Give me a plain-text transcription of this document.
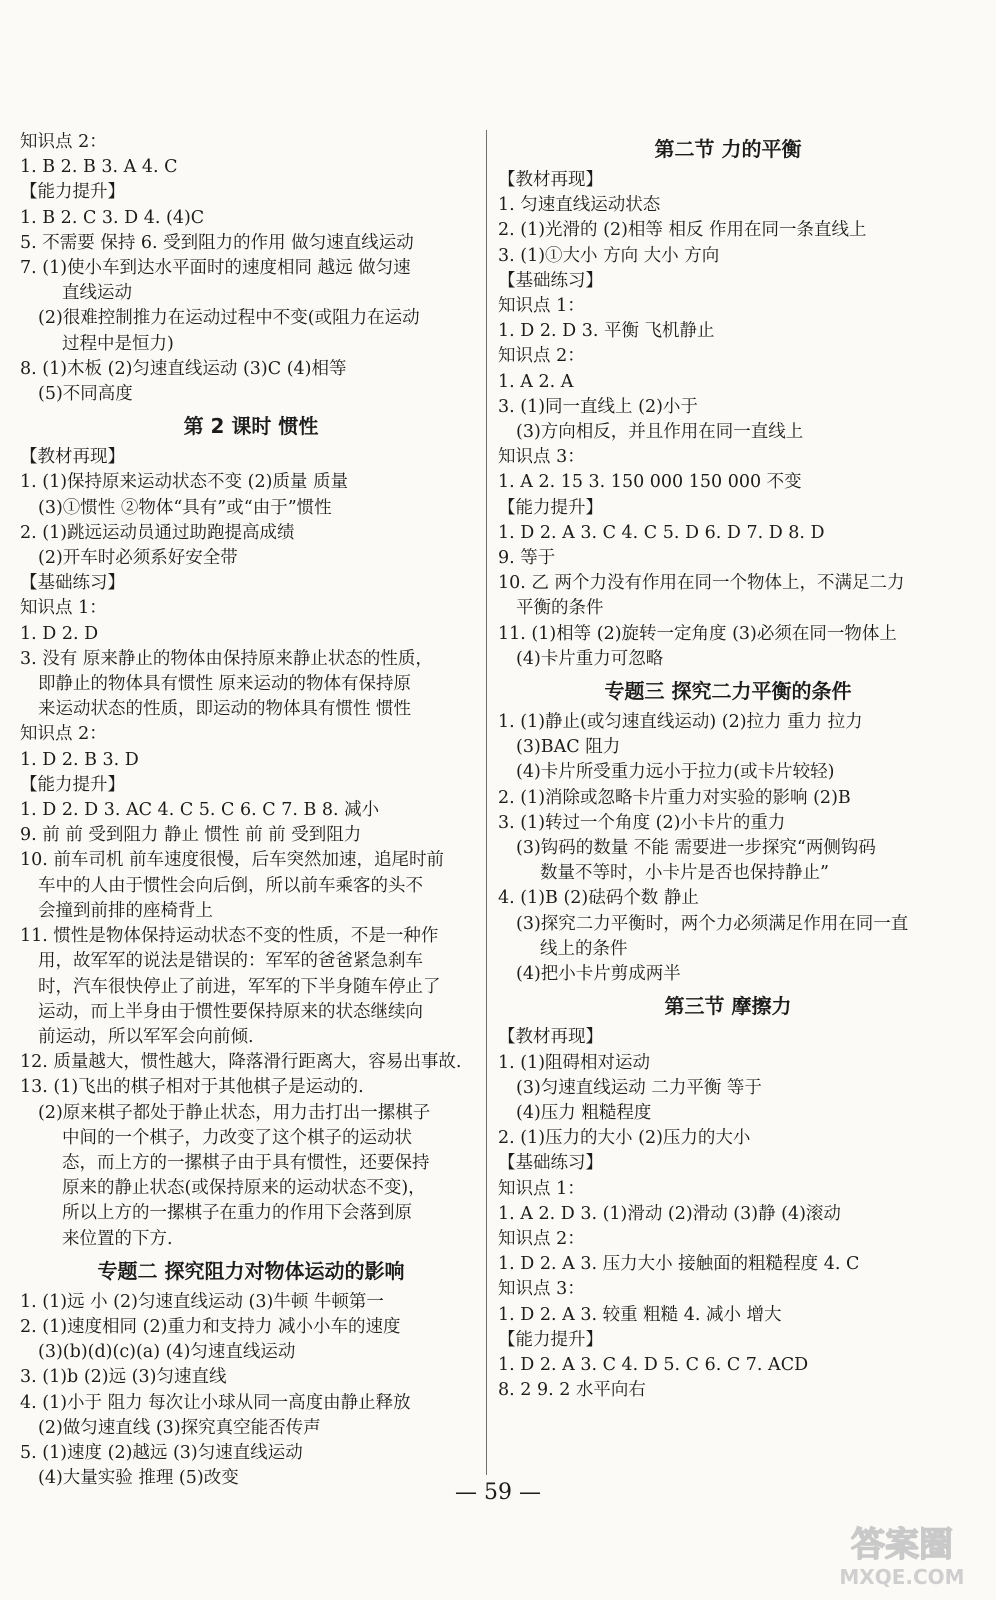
知识点 2：
1. B 2. B 3. A 4. C
【能力提升】
1. B 2. C 3. D 4. (4)C
5. 不需要 保持 6. 受到阻力的作用 做匀速直线运动
7. (1)使小车到达水平面时的速度相同 越远 做匀速
直线运动
(2)很难控制推力在运动过程中不变(或阻力在运动
过程中是恒力)
8. (1)木板 (2)匀速直线运动 (3)C (4)相等
(5)不同高度
第 2 课时 惯性
【教材再现】
1. (1)保持原来运动状态不变 (2)质量 质量
(3)①惯性 ②物体“具有”或“由于”惯性
2. (1)跳远运动员通过助跑提高成绩
(2)开车时必须系好安全带
【基础练习】
知识点 1：
1. D 2. D
3. 没有 原来静止的物体由保持原来静止状态的性质，
即静止的物体具有惯性 原来运动的物体有保持原
来运动状态的性质，即运动的物体具有惯性 惯性
知识点 2：
1. D 2. B 3. D
【能力提升】
1. D 2. D 3. AC 4. C 5. C 6. C 7. B 8. 减小
9. 前 前 受到阻力 静止 惯性 前 前 受到阻力
10. 前车司机 前车速度很慢，后车突然加速，追尾时前
车中的人由于惯性会向后倒，所以前车乘客的头不
会撞到前排的座椅背上
11. 惯性是物体保持运动状态不变的性质，不是一种作
用，故军军的说法是错误的：军军的爸爸紧急刹车
时，汽车很快停止了前进，军军的下半身随车停止了
运动，而上半身由于惯性要保持原来的状态继续向
前运动，所以军军会向前倾.
12. 质量越大，惯性越大，降落滑行距离大，容易出事故.
13. (1)飞出的棋子相对于其他棋子是运动的.
(2)原来棋子都处于静止状态，用力击打出一摞棋子
中间的一个棋子，力改变了这个棋子的运动状
态，而上方的一摞棋子由于具有惯性，还要保持
原来的静止状态(或保持原来的运动状态不变)，
所以上方的一摞棋子在重力的作用下会落到原
来位置的下方.
专题二 探究阻力对物体运动的影响
1. (1)远 小 (2)匀速直线运动 (3)牛顿 牛顿第一
2. (1)速度相同 (2)重力和支持力 减小小车的速度
(3)(b)(d)(c)(a) (4)匀速直线运动
3. (1)b (2)远 (3)匀速直线
4. (1)小于 阻力 每次让小球从同一高度由静止释放
(2)做匀速直线 (3)探究真空能否传声
5. (1)速度 (2)越远 (3)匀速直线运动
(4)大量实验 推理 (5)改变
第二节 力的平衡
【教材再现】
1. 匀速直线运动状态
2. (1)光滑的 (2)相等 相反 作用在同一条直线上
3. (1)①大小 方向 大小 方向
【基础练习】
知识点 1：
1. D 2. D 3. 平衡 飞机静止
知识点 2：
1. A 2. A
3. (1)同一直线上 (2)小于
(3)方向相反，并且作用在同一直线上
知识点 3：
1. A 2. 15 3. 150 000 150 000 不变
【能力提升】
1. D 2. A 3. C 4. C 5. D 6. D 7. D 8. D
9. 等于
10. 乙 两个力没有作用在同一个物体上，不满足二力
平衡的条件
11. (1)相等 (2)旋转一定角度 (3)必须在同一物体上
(4)卡片重力可忽略
专题三 探究二力平衡的条件
1. (1)静止(或匀速直线运动) (2)拉力 重力 拉力
(3)BAC 阻力
(4)卡片所受重力远小于拉力(或卡片较轻)
2. (1)消除或忽略卡片重力对实验的影响 (2)B
3. (1)转过一个角度 (2)小卡片的重力
(3)钩码的数量 不能 需要进一步探究“两侧钩码
数量不等时，小卡片是否也保持静止”
4. (1)B (2)砝码个数 静止
(3)探究二力平衡时，两个力必须满足作用在同一直
线上的条件
(4)把小卡片剪成两半
第三节 摩擦力
【教材再现】
1. (1)阻碍相对运动
(3)匀速直线运动 二力平衡 等于
(4)压力 粗糙程度
2. (1)压力的大小 (2)压力的大小
【基础练习】
知识点 1：
1. A 2. D 3. (1)滑动 (2)滑动 (3)静 (4)滚动
知识点 2：
1. D 2. A 3. 压力大小 接触面的粗糙程度 4. C
知识点 3：
1. D 2. A 3. 较重 粗糙 4. 减小 增大
【能力提升】
1. D 2. A 3. C 4. D 5. C 6. C 7. ACD
8. 2 9. 2 水平向右
— 59 —
答案圈
MXQE.COM
